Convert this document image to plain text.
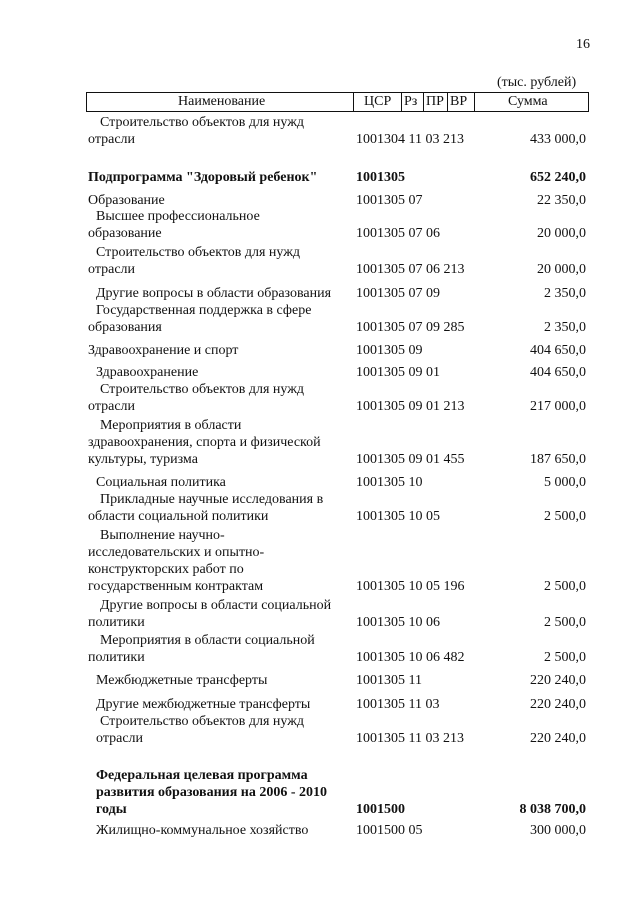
16
(тыс. рублей)
Наименование	ЦСР Рз ПР ВР	Сумма
Строительство объектов для нужд
отрасли	1001304 11 03 213	433 000,0
Подпрограмма "Здоровый ребенок"	1001305	652 240,0
Образование	1001305 07	22 350,0
Высшее профессиональное
образование	1001305 07 06	20 000,0
Строительство объектов для нужд
отрасли	1001305 07 06 213	20 000,0
Другие вопросы в области образования	1001305 07 09	2 350,0
Государственная поддержка в сфере
образования	1001305 07 09 285	2 350,0
Здравоохранение и спорт	1001305 09	404 650,0
Здравоохранение	1001305 09 01	404 650,0
Строительство объектов для нужд
отрасли	1001305 09 01 213	217 000,0
Мероприятия в области
здравоохранения, спорта и физической
культуры, туризма	1001305 09 01 455	187 650,0
Социальная политика	1001305 10	5 000,0
Прикладные научные исследования в
области социальной политики	1001305 10 05	2 500,0
Выполнение научно-
исследовательских и опытно-
конструкторских работ по
государственным контрактам	1001305 10 05 196	2 500,0
Другие вопросы в области социальной
политики	1001305 10 06	2 500,0
Мероприятия в области социальной
политики	1001305 10 06 482	2 500,0
Межбюджетные трансферты	1001305 11	220 240,0
Другие межбюджетные трансферты	1001305 11 03	220 240,0
Строительство объектов для нужд
отрасли	1001305 11 03 213	220 240,0
Федеральная целевая программа
развития образования на 2006 - 2010
годы	1001500	8 038 700,0
Жилищно-коммунальное хозяйство	1001500 05	300 000,0
